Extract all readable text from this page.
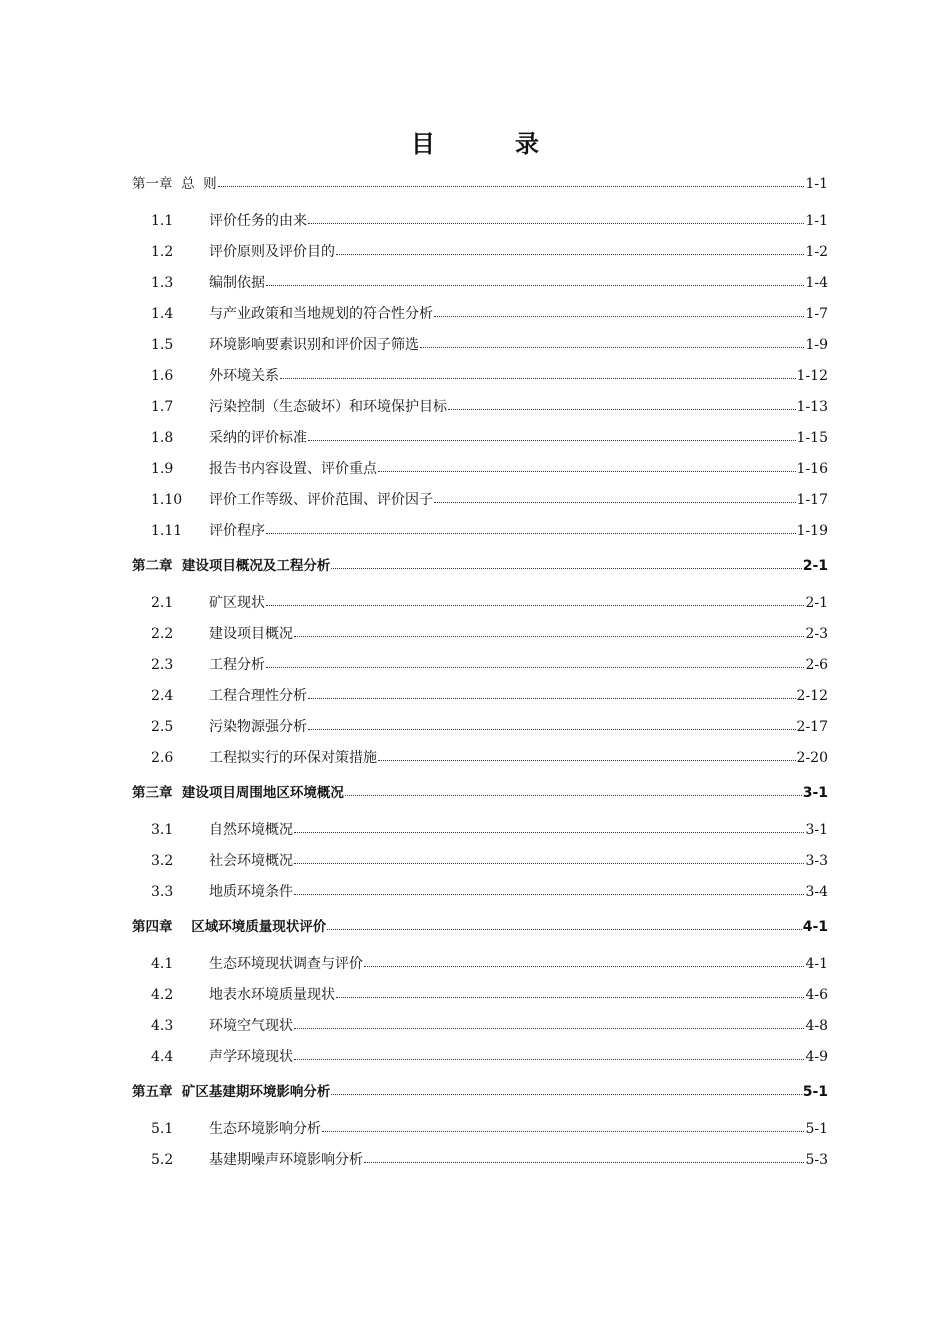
目　录
第一章  总  则	1-1
1.1	评价任务的由来	1-1
1.2	评价原则及评价目的	1-2
1.3	编制依据	1-4
1.4	与产业政策和当地规划的符合性分析	1-7
1.5	环境影响要素识别和评价因子筛选	1-9
1.6	外环境关系	1-12
1.7	污染控制（生态破坏）和环境保护目标	1-13
1.8	采纳的评价标准	1-15
1.9	报告书内容设置、评价重点	1-16
1.10	评价工作等级、评价范围、评价因子	1-17
1.11	评价程序	1-19
第二章  建设项目概况及工程分析	2-1
2.1	矿区现状	2-1
2.2	建设项目概况	2-3
2.3	工程分析	2-6
2.4	工程合理性分析	2-12
2.5	污染物源强分析	2-17
2.6	工程拟实行的环保对策措施	2-20
第三章  建设项目周围地区环境概况	3-1
3.1	自然环境概况	3-1
3.2	社会环境概况	3-3
3.3	地质环境条件	3-4
第四章    区域环境质量现状评价	4-1
4.1	生态环境现状调查与评价	4-1
4.2	地表水环境质量现状	4-6
4.3	环境空气现状	4-8
4.4	声学环境现状	4-9
第五章  矿区基建期环境影响分析	5-1
5.1	生态环境影响分析	5-1
5.2	基建期噪声环境影响分析	5-3
